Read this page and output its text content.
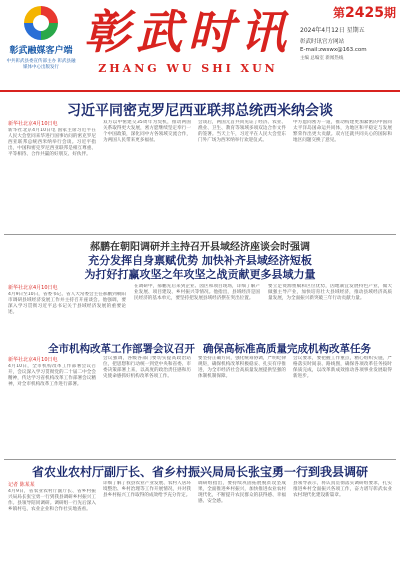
彰武融媒客户端
中共彰武县委宣传部主办 彰武县融媒体中心出版发行
彰武时讯
ZHANG WU SHI XUN
第2425期
2024年4月12日 星期五
彰武时讯官方网站
E-mail:zwswx@163.com
主编 总编室 新闻热线
习近平同密克罗尼西亚联邦总统西米纳会谈
新华社北京4月10日电
新华社北京4月10日电 国家主席习近平在人民大会堂同来华进行国事访问的密克罗尼西亚联邦总统西米纳举行会谈。习近平指出，中国和密克罗尼西亚联邦是相互尊重、平等相待、合作共赢的好朋友、好伙伴。
双方以中密建交35周年为契机，推动两国关系取得更大发展，密方愿继续坚定奉行一个中国政策，深化同中方各领域交流合作，为两国人民带来更多福祉。
会谈后，两国元首共同见证了经济、农业、渔业、卫生、教育等领域多项双边合作文件的签署。当天上午，习近平在人民大会堂东门外广场为西米纳举行欢迎仪式。
中方愿同密方一道，推动构建更加紧密的中国同太平洋岛国命运共同体，为地区和平稳定与发展繁荣作出更大贡献。双方还就共同关心的国际和地区问题交换了意见。
郝鹏在朝阳调研并主持召开县域经济座谈会时强调
充分发挥自身禀赋优势 加快补齐县域经济短板
为打好打赢攻坚之年攻坚之战贡献更多县域力量
新华社北京4月10日电
4月9日至10日，省委书记、省人大常委会主任郝鹏到朝阳市调研县域经济发展工作并主持召开座谈会。他强调，要深入学习贯彻习近平总书记关于县域经济发展的重要论述。
在调研中，郝鹏先后来到企业、园区和项目现场，详细了解产业发展、项目建设、乡村振兴等情况。他指出，县域经济是国民经济的基本单元，要坚持把发展县域经济摆在突出位置。
要立足资源禀赋和区位优势，因地制宜发展特色产业，做大做强主导产业，加快培育壮大县域经济，推动县域经济高质量发展，为全面振兴新突破三年行动贡献力量。
全市机构改革工作部署会议召开 确保高标准高质量完成机构改革任务
新华社北京4月10日电
4月10日，全市机构改革工作部署会议召开，会议深入学习贯彻党的二十届二中全会精神，传达学习省机构改革工作部署会议精神，对全市机构改革工作进行部署。
会议强调，各级各部门要切实提高政治站位，把思想和行动统一到党中央和省委、市委决策部署上来，以高度的政治责任感和历史使命感抓好机构改革各项工作。
要坚持正确方向，强化统筹协调，严明纪律规矩，确保机构改革积极稳妥、扎实有序推进，为全市经济社会高质量发展提供坚强的体制机制保障。
会议要求，要把握工作重点，精心组织实施，严格落实时间表、路线图，确保各项改革任务按时保质完成，以改革新成效推动各项事业发展取得新进步。
省农业农村厅副厅长、省乡村振兴局局长张宝勇一行到我县调研
记者 陈某某
4月9日，省农业农村厅副厅长、省乡村振兴局局长张宝勇一行到我县调研乡村振兴工作。县领导陪同调研。调研组一行先后深入乡镇村屯、农业企业和合作社实地查看。
详细了解了我县农业产业发展、农村人居环境整治、乡村治理等工作开展情况，并对我县乡村振兴工作取得的成效给予充分肯定。
调研组指出，要持续巩固拓展脱贫攻坚成果，全面推进乡村振兴，加快推进农业农村现代化，不断提升农民群众的获得感、幸福感、安全感。
县领导表示，将认真贯彻落实调研组要求，扎实推进乡村全面振兴各项工作，奋力谱写彰武农业农村现代化建设新篇章。
